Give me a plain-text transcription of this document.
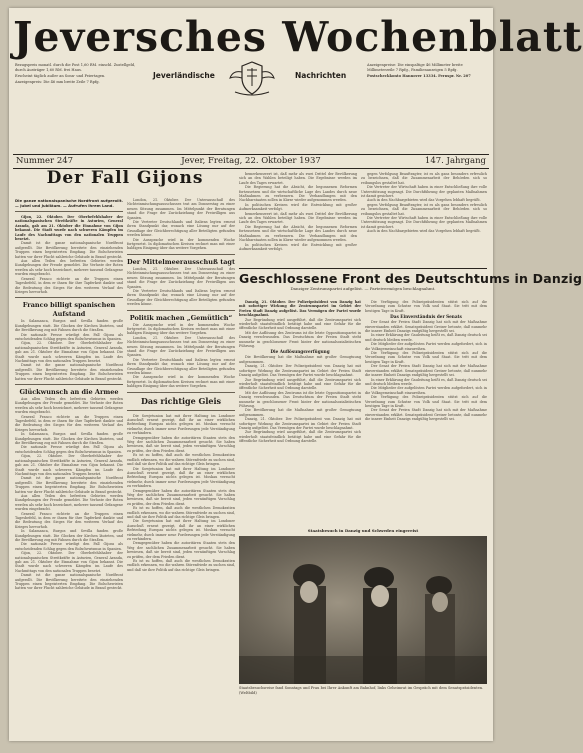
Jeversches Wochenblatt

Bezugspreis monatl. durch die Post 1,60 RM. einschl. Zustellgeld, durch Austräger 1,60 RM. frei Haus.

Erscheint täglich außer an Sonn- und Feiertagen.

Anzeigenpreis: Die 46 mm breite Zeile 7 Rpfg.

Jeverländische	Nachrichten

Anzeigenpreise: Die einspaltige 46 Millimeter breite Millimeterzeile 7 Rpfg., Familienanzeigen 5 Rpfg.

Postscheckkonto Hannover 13334. Fernspr. Nr. 207

Nummer 247	Jever, Freitag, 22. Oktober 1937	147. Jahrgang
Der Fall Gijons

Die ganze nationalspanische Nordfront aufgerollt. — Jubel und Jubiläum. — Aufrufen ihrem Land.

Gijon, 22. Oktober. Der Oberbefehlshaber der nationalspanischen Streitkräfte in Asturien, General Aranda, gab am 21. Oktober die Einnahme von Gijon bekannt. Die Stadt wurde nach schweren Kämpfen im Laufe des Nachmittags von den nationalen Truppen besetzt.

Damit ist die ganze nationalspanische Nordfront aufgerollt. Die Bevölkerung bereitete den einziehenden Truppen einen begeisterten Empfang. Die Bolschewisten hatten vor ihrer Flucht zahlreiche Gebäude in Brand gesteckt.

Aus allen Teilen des befreiten Gebietes werden Kundgebungen der Freude gemeldet. Die Verluste der Roten werden als sehr hoch bezeichnet, mehrere tausend Gefangene wurden eingebracht.

General Franco richtete an die Truppen einen Tagesbefehl, in dem er ihnen für ihre Tapferkeit dankte und die Bedeutung des Sieges für den weiteren Verlauf des Krieges hervorhob.

Franco billigt spanischen Aufstand

In Salamanca, Burgos und Sevilla fanden große Kundgebungen statt. Die Glocken der Kirchen läuteten, und die Bevölkerung zog mit Fahnen durch die Straßen.

Die nationale Presse würdigt den Fall Gijons als entscheidenden Schlag gegen den Bolschewismus in Spanien.

Gijon, 22. Oktober. Der Oberbefehlshaber der nationalspanischen Streitkräfte in Asturien, General Aranda, gab am 21. Oktober die Einnahme von Gijon bekannt. Die Stadt wurde nach schweren Kämpfen im Laufe des Nachmittags von den nationalen Truppen besetzt.

Damit ist die ganze nationalspanische Nordfront aufgerollt. Die Bevölkerung bereitete den einziehenden Truppen einen begeisterten Empfang. Die Bolschewisten hatten vor ihrer Flucht zahlreiche Gebäude in Brand gesteckt.

Glückwunsch an die Armee

Aus allen Teilen des befreiten Gebietes werden Kundgebungen der Freude gemeldet. Die Verluste der Roten werden als sehr hoch bezeichnet, mehrere tausend Gefangene wurden eingebracht.

General Franco richtete an die Truppen einen Tagesbefehl, in dem er ihnen für ihre Tapferkeit dankte und die Bedeutung des Sieges für den weiteren Verlauf des Krieges hervorhob.

In Salamanca, Burgos und Sevilla fanden große Kundgebungen statt. Die Glocken der Kirchen läuteten, und die Bevölkerung zog mit Fahnen durch die Straßen.

Die nationale Presse würdigt den Fall Gijons als entscheidenden Schlag gegen den Bolschewismus in Spanien.

Gijon, 22. Oktober. Der Oberbefehlshaber der nationalspanischen Streitkräfte in Asturien, General Aranda, gab am 21. Oktober die Einnahme von Gijon bekannt. Die Stadt wurde nach schweren Kämpfen im Laufe des Nachmittags von den nationalen Truppen besetzt.

Damit ist die ganze nationalspanische Nordfront aufgerollt. Die Bevölkerung bereitete den einziehenden Truppen einen begeisterten Empfang. Die Bolschewisten hatten vor ihrer Flucht zahlreiche Gebäude in Brand gesteckt.

Aus allen Teilen des befreiten Gebietes werden Kundgebungen der Freude gemeldet. Die Verluste der Roten werden als sehr hoch bezeichnet, mehrere tausend Gefangene wurden eingebracht.

General Franco richtete an die Truppen einen Tagesbefehl, in dem er ihnen für ihre Tapferkeit dankte und die Bedeutung des Sieges für den weiteren Verlauf des Krieges hervorhob.

In Salamanca, Burgos und Sevilla fanden große Kundgebungen statt. Die Glocken der Kirchen läuteten, und die Bevölkerung zog mit Fahnen durch die Straßen.

Die nationale Presse würdigt den Fall Gijons als entscheidenden Schlag gegen den Bolschewismus in Spanien.

Gijon, 22. Oktober. Der Oberbefehlshaber der nationalspanischen Streitkräfte in Asturien, General Aranda, gab am 21. Oktober die Einnahme von Gijon bekannt. Die Stadt wurde nach schweren Kämpfen im Laufe des Nachmittags von den nationalen Truppen besetzt.

Damit ist die ganze nationalspanische Nordfront aufgerollt. Die Bevölkerung bereitete den einziehenden Truppen einen begeisterten Empfang. Die Bolschewisten hatten vor ihrer Flucht zahlreiche Gebäude in Brand gesteckt.

London, 21. Oktober. Der Unterausschuß des Nichteinmischungsausschusses trat am Donnerstag zu einer neuen Sitzung zusammen. Im Mittelpunkt der Beratungen stand die Frage der Zurückziehung der Freiwilligen aus Spanien.

Die Vertreter Deutschlands und Italiens legten erneut ihren Standpunkt dar, wonach eine Lösung nur auf der Grundlage der Gleichberechtigung aller Beteiligten gefunden werden könne.

Die Aussprache wird in der kommenden Woche fortgesetzt. In diplomatischen Kreisen rechnet man mit einer baldigen Einigung über das weitere Vorgehen.

Der Mittelmeerausschuß tagt

London, 21. Oktober. Der Unterausschuß des Nichteinmischungsausschusses trat am Donnerstag zu einer neuen Sitzung zusammen. Im Mittelpunkt der Beratungen stand die Frage der Zurückziehung der Freiwilligen aus Spanien.

Die Vertreter Deutschlands und Italiens legten erneut ihren Standpunkt dar, wonach eine Lösung nur auf der Grundlage der Gleichberechtigung aller Beteiligten gefunden werden könne.

Politik machen „Gemütlich“

Die Aussprache wird in der kommenden Woche fortgesetzt. In diplomatischen Kreisen rechnet man mit einer baldigen Einigung über das weitere Vorgehen.

London, 21. Oktober. Der Unterausschuß des Nichteinmischungsausschusses trat am Donnerstag zu einer neuen Sitzung zusammen. Im Mittelpunkt der Beratungen stand die Frage der Zurückziehung der Freiwilligen aus Spanien.

Die Vertreter Deutschlands und Italiens legten erneut ihren Standpunkt dar, wonach eine Lösung nur auf der Grundlage der Gleichberechtigung aller Beteiligten gefunden werden könne.

Die Aussprache wird in der kommenden Woche fortgesetzt. In diplomatischen Kreisen rechnet man mit einer baldigen Einigung über das weitere Vorgehen.

Das richtige Gleis

Die Sowjetunion hat mit ihrer Haltung im Londoner Ausschuß erneut gezeigt, daß ihr an einer wirklichen Befriedung Europas nichts gelegen ist. Moskau versucht vielmehr, durch immer neue Forderungen jede Verständigung zu verhindern.

Demgegenüber haben die autoritären Staaten stets den Weg der sachlichen Zusammenarbeit gesucht. Sie haben bewiesen, daß sie bereit sind, jeden vernünftigen Vorschlag zu prüfen, der dem Frieden dient.

Es ist zu hoffen, daß auch die westlichen Demokratien endlich erkennen, wo die wahren Störenfriede zu suchen sind, und daß sie ihre Politik auf das richtige Gleis bringen.

Die Sowjetunion hat mit ihrer Haltung im Londoner Ausschuß erneut gezeigt, daß ihr an einer wirklichen Befriedung Europas nichts gelegen ist. Moskau versucht vielmehr, durch immer neue Forderungen jede Verständigung zu verhindern.

Demgegenüber haben die autoritären Staaten stets den Weg der sachlichen Zusammenarbeit gesucht. Sie haben bewiesen, daß sie bereit sind, jeden vernünftigen Vorschlag zu prüfen, der dem Frieden dient.

Es ist zu hoffen, daß auch die westlichen Demokratien endlich erkennen, wo die wahren Störenfriede zu suchen sind, und daß sie ihre Politik auf das richtige Gleis bringen.

Die Sowjetunion hat mit ihrer Haltung im Londoner Ausschuß erneut gezeigt, daß ihr an einer wirklichen Befriedung Europas nichts gelegen ist. Moskau versucht vielmehr, durch immer neue Forderungen jede Verständigung zu verhindern.

Demgegenüber haben die autoritären Staaten stets den Weg der sachlichen Zusammenarbeit gesucht. Sie haben bewiesen, daß sie bereit sind, jeden vernünftigen Vorschlag zu prüfen, der dem Frieden dient.

Es ist zu hoffen, daß auch die westlichen Demokratien endlich erkennen, wo die wahren Störenfriede zu suchen sind, und daß sie ihre Politik auf das richtige Gleis bringen.

bemerkenswert ist, daß mehr als zwei Drittel der Bevölkerung sich an den Wahlen beteiligt haben. Die Ergebnisse werden im Laufe des Tages erwartet.

Die Regierung hat die Absicht, die begonnenen Reformen fortzusetzen und die wirtschaftliche Lage des Landes durch neue Maßnahmen zu verbessern. Die Verhandlungen mit den Nachbarstaaten sollen in Kürze wieder aufgenommen werden.

In politischen Kreisen wird die Entwicklung mit großer Aufmerksamkeit verfolgt.

bemerkenswert ist, daß mehr als zwei Drittel der Bevölkerung sich an den Wahlen beteiligt haben. Die Ergebnisse werden im Laufe des Tages erwartet.

Die Regierung hat die Absicht, die begonnenen Reformen fortzusetzen und die wirtschaftliche Lage des Landes durch neue Maßnahmen zu verbessern. Die Verhandlungen mit den Nachbarstaaten sollen in Kürze wieder aufgenommen werden.

In politischen Kreisen wird die Entwicklung mit großer Aufmerksamkeit verfolgt.

gegen Verfolgung Beauftragter, ist es als ganz besonders erfreulich zu bezeichnen, daß die Zusammenarbeit der Behörden sich so reibungslos gestaltet hat.

Die Vertreter der Wirtschaft haben in einer Entschließung ihre volle Unterstützung zugesagt. Die Durchführung der geplanten Maßnahmen ist damit gesichert.

Auch in den Nachbargebieten wird das Vorgehen lebhaft begrüßt.

gegen Verfolgung Beauftragter, ist es als ganz besonders erfreulich zu bezeichnen, daß die Zusammenarbeit der Behörden sich so reibungslos gestaltet hat.

Die Vertreter der Wirtschaft haben in einer Entschließung ihre volle Unterstützung zugesagt. Die Durchführung der geplanten Maßnahmen ist damit gesichert.

Auch in den Nachbargebieten wird das Vorgehen lebhaft begrüßt.

Geschlossene Front des Deutschtums in Danzig
Danziger Zentrumspartei aufgelöst. — Parteivermögen beschlagnahmt.

Danzig, 21. Oktober. Der Polizeipräsident von Danzig hat mit sofortiger Wirkung die Zentrumspartei im Gebiet der Freien Stadt Danzig aufgelöst. Das Vermögen der Partei wurde beschlagnahmt.

Zur Begründung wird ausgeführt, daß die Zentrumspartei sich wiederholt staatsfeindlich betätigt habe und eine Gefahr für die öffentliche Sicherheit und Ordnung darstelle.

Mit der Auflösung des Zentrums ist die letzte Oppositionspartei in Danzig verschwunden. Das Deutschtum der Freien Stadt steht nunmehr in geschlossener Front hinter der nationalsozialistischen Führung.

Die Auflösungsverfügung

Die Bevölkerung hat die Maßnahme mit großer Genugtuung aufgenommen.

Danzig, 21. Oktober. Der Polizeipräsident von Danzig hat mit sofortiger Wirkung die Zentrumspartei im Gebiet der Freien Stadt Danzig aufgelöst. Das Vermögen der Partei wurde beschlagnahmt.

Zur Begründung wird ausgeführt, daß die Zentrumspartei sich wiederholt staatsfeindlich betätigt habe und eine Gefahr für die öffentliche Sicherheit und Ordnung darstelle.

Mit der Auflösung des Zentrums ist die letzte Oppositionspartei in Danzig verschwunden. Das Deutschtum der Freien Stadt steht nunmehr in geschlossener Front hinter der nationalsozialistischen Führung.

Die Bevölkerung hat die Maßnahme mit großer Genugtuung aufgenommen.

Danzig, 21. Oktober. Der Polizeipräsident von Danzig hat mit sofortiger Wirkung die Zentrumspartei im Gebiet der Freien Stadt Danzig aufgelöst. Das Vermögen der Partei wurde beschlagnahmt.

Zur Begründung wird ausgeführt, daß die Zentrumspartei sich wiederholt staatsfeindlich betätigt habe und eine Gefahr für die öffentliche Sicherheit und Ordnung darstelle.

Die Verfügung des Polizeipräsidenten stützt sich auf die Verordnung zum Schutze von Volk und Staat. Sie tritt mit dem heutigen Tage in Kraft.

Das Einverständnis der Senats

Der Senat der Freien Stadt Danzig hat sich mit der Maßnahme einverstanden erklärt. Senatspräsident Greiser betonte, daß nunmehr die innere Einheit Danzigs endgültig hergestellt sei.

In einer Erklärung der Gauleitung heißt es, daß Danzig deutsch sei und deutsch bleiben werde.

Die Mitglieder der aufgelösten Partei werden aufgefordert, sich in die Volksgemeinschaft einzureihen.

Die Verfügung des Polizeipräsidenten stützt sich auf die Verordnung zum Schutze von Volk und Staat. Sie tritt mit dem heutigen Tage in Kraft.

Der Senat der Freien Stadt Danzig hat sich mit der Maßnahme einverstanden erklärt. Senatspräsident Greiser betonte, daß nunmehr die innere Einheit Danzigs endgültig hergestellt sei.

In einer Erklärung der Gauleitung heißt es, daß Danzig deutsch sei und deutsch bleiben werde.

Die Mitglieder der aufgelösten Partei werden aufgefordert, sich in die Volksgemeinschaft einzureihen.

Die Verfügung des Polizeipräsidenten stützt sich auf die Verordnung zum Schutze von Volk und Staat. Sie tritt mit dem heutigen Tage in Kraft.

Der Senat der Freien Stadt Danzig hat sich mit der Maßnahme einverstanden erklärt. Senatspräsident Greiser betonte, daß nunmehr die innere Einheit Danzigs endgültig hergestellt sei.

Staatsbesuch in Danzig und Schweden eingereist
Staatsbesuchsreise fand Sonntags und Frau bei Ihrer Ankunft am Bahnhof, links Geheimrat im Gespräch mit dem Senatspräsidenten. (Weltbild)
